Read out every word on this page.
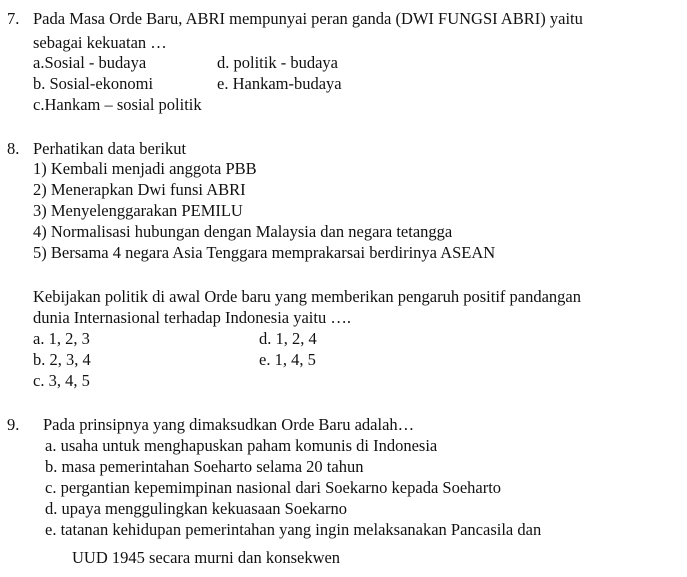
7. Pada Masa Orde Baru, ABRI mempunyai peran ganda (DWI FUNGSI ABRI) yaitu
sebagai kekuatan …
a.Sosial - budaya
b. Sosial-ekonomi
c.Hankam – sosial politik
d. politik - budaya
e. Hankam-budaya
8. Perhatikan data berikut
1) Kembali menjadi anggota PBB
2) Menerapkan Dwi funsi ABRI
3) Menyelenggarakan PEMILU
4) Normalisasi hubungan dengan Malaysia dan negara tetangga
5) Bersama 4 negara Asia Tenggara memprakarsai berdirinya ASEAN
Kebijakan politik di awal Orde baru yang memberikan pengaruh positif pandangan
dunia Internasional terhadap Indonesia yaitu ….
a. 1, 2, 3
b. 2, 3, 4
c. 3, 4, 5
d. 1, 2, 4
e. 1, 4, 5
9. Pada prinsipnya yang dimaksudkan Orde Baru adalah…
a. usaha untuk menghapuskan paham komunis di Indonesia
b. masa pemerintahan Soeharto selama 20 tahun
c. pergantian kepemimpinan nasional dari Soekarno kepada Soeharto
d. upaya menggulingkan kekuasaan Soekarno
e. tatanan kehidupan pemerintahan yang ingin melaksanakan Pancasila dan
UUD 1945 secara murni dan konsekwen
